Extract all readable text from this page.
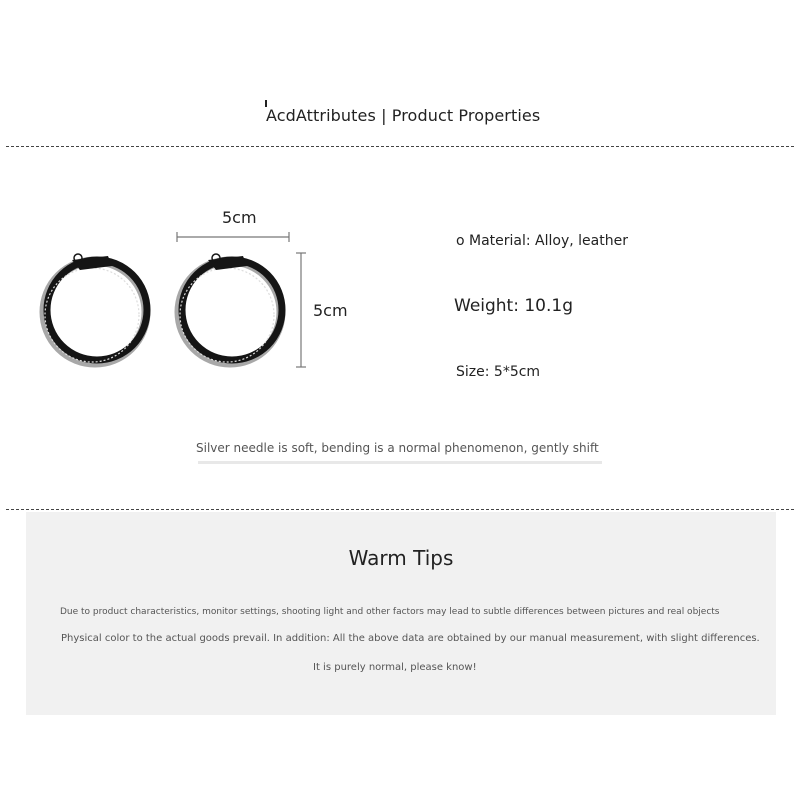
AcdAttributes | Product Properties
5cm
5cm
o Material: Alloy, leather
Weight: 10.1g
Size: 5*5cm
Silver needle is soft, bending is a normal phenomenon, gently shift
Warm Tips
Due to product characteristics, monitor settings, shooting light and other factors may lead to subtle differences between pictures and real objects
Physical color to the actual goods prevail. In addition: All the above data are obtained by our manual measurement, with slight differences.
It is purely normal, please know!
